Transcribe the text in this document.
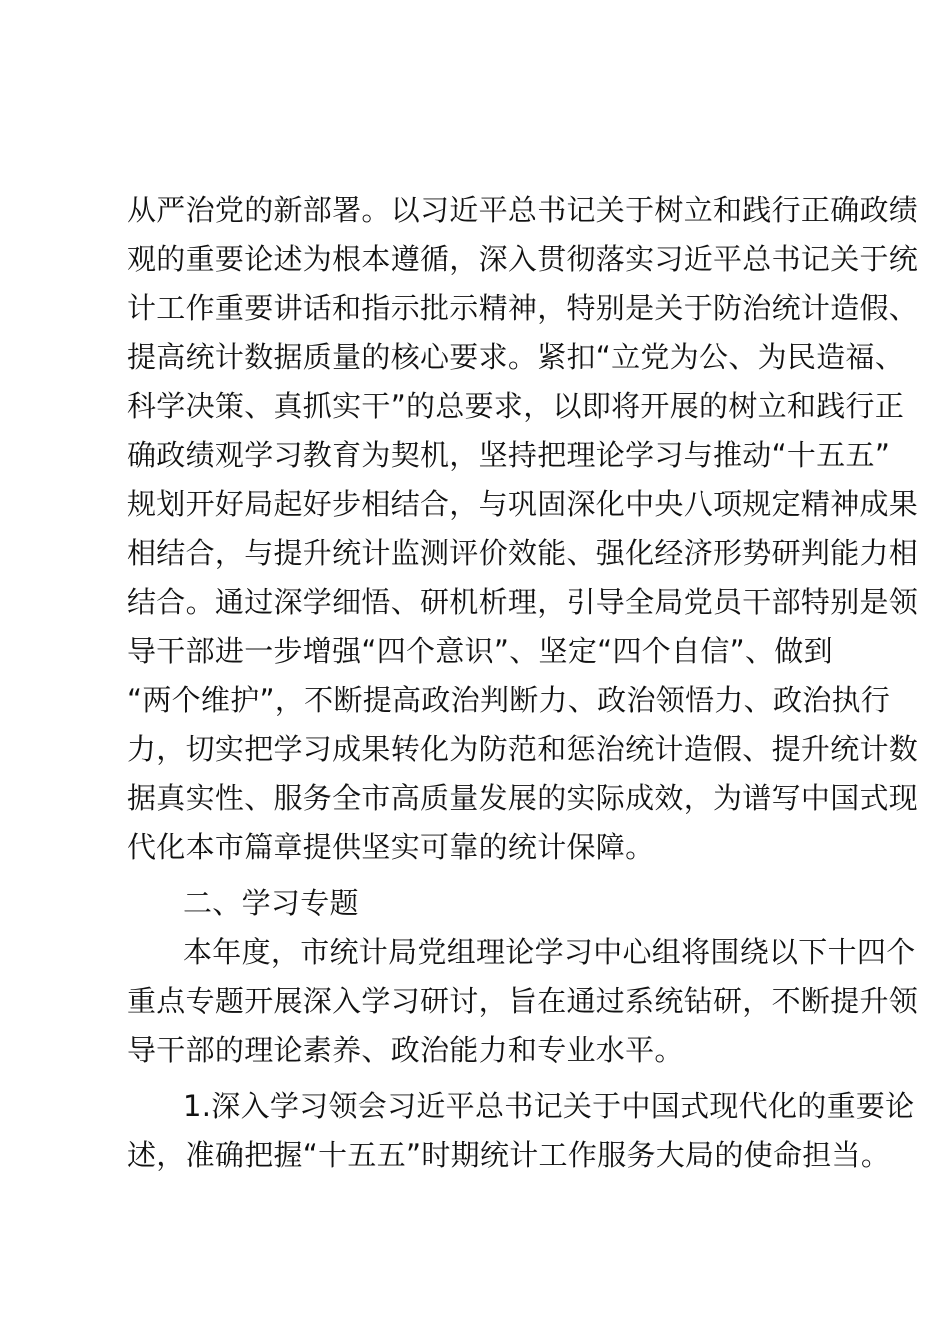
从严治党的新部署。以习近平总书记关于树立和践行正确政绩
观的重要论述为根本遵循，深入贯彻落实习近平总书记关于统
计工作重要讲话和指示批示精神，特别是关于防治统计造假、
提高统计数据质量的核心要求。紧扣“立党为公、为民造福、
科学决策、真抓实干”的总要求，以即将开展的树立和践行正
确政绩观学习教育为契机，坚持把理论学习与推动“十五五”
规划开好局起好步相结合，与巩固深化中央八项规定精神成果
相结合，与提升统计监测评价效能、强化经济形势研判能力相
结合。通过深学细悟、研机析理，引导全局党员干部特别是领
导干部进一步增强“四个意识”、坚定“四个自信”、做到
“两个维护”，不断提高政治判断力、政治领悟力、政治执行
力，切实把学习成果转化为防范和惩治统计造假、提升统计数
据真实性、服务全市高质量发展的实际成效，为谱写中国式现
代化本市篇章提供坚实可靠的统计保障。
二、学习专题
本年度，市统计局党组理论学习中心组将围绕以下十四个
重点专题开展深入学习研讨，旨在通过系统钻研，不断提升领
导干部的理论素养、政治能力和专业水平。
1.深入学习领会习近平总书记关于中国式现代化的重要论
述，准确把握“十五五”时期统计工作服务大局的使命担当。
